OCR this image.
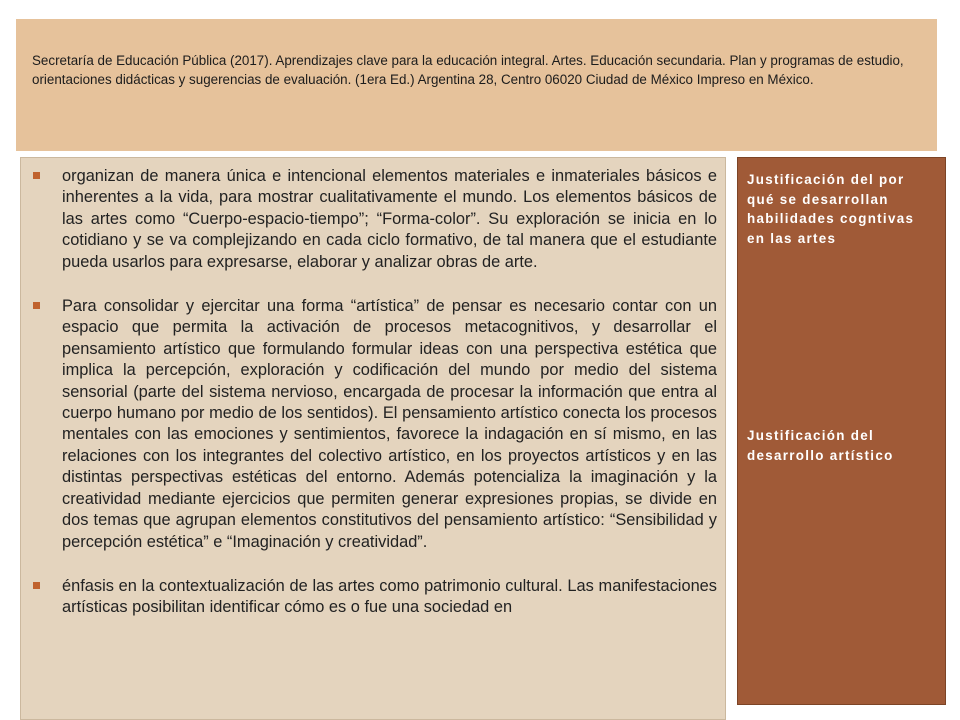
Secretaría de Educación Pública (2017). Aprendizajes clave para la educación integral. Artes. Educación secundaria. Plan y programas de estudio, orientaciones didácticas y sugerencias de evaluación. (1era Ed.) Argentina 28, Centro 06020 Ciudad de México Impreso en México.

organizan de manera única e intencional elementos materiales e inmateriales básicos e inherentes a la vida, para mostrar cualitativamente el mundo. Los elementos básicos de las artes como “Cuerpo-espacio-tiempo”; “Forma-color”. Su exploración se inicia en lo cotidiano y se va complejizando en cada ciclo formativo, de tal manera que el estudiante pueda usarlos para expresarse, elaborar y analizar obras de arte.
Para consolidar y ejercitar una forma “artística” de pensar es necesario contar con un espacio que permita la activación de procesos metacognitivos, y desarrollar el pensamiento artístico que formulando formular ideas con una perspectiva estética que implica la percepción, exploración y codificación del mundo por medio del sistema sensorial (parte del sistema nervioso, encargada de procesar la información que entra al cuerpo humano por medio de los sentidos). El pensamiento artístico conecta los procesos mentales con las emociones y sentimientos, favorece la indagación en sí mismo, en las relaciones con los integrantes del colectivo artístico, en los proyectos artísticos y en las distintas perspectivas estéticas del entorno. Además potencializa la imaginación y la creatividad mediante ejercicios que permiten generar expresiones propias, se divide en dos temas que agrupan elementos constitutivos del pensamiento artístico: “Sensibilidad y percepción estética” e “Imaginación y creatividad”.
énfasis en la contextualización de las artes como patrimonio cultural. Las manifestaciones artísticas posibilitan identificar cómo es o fue una sociedad en
Justificación del por qué se desarrollan habilidades cogntivas en las artes
Justificación del desarrollo artístico
